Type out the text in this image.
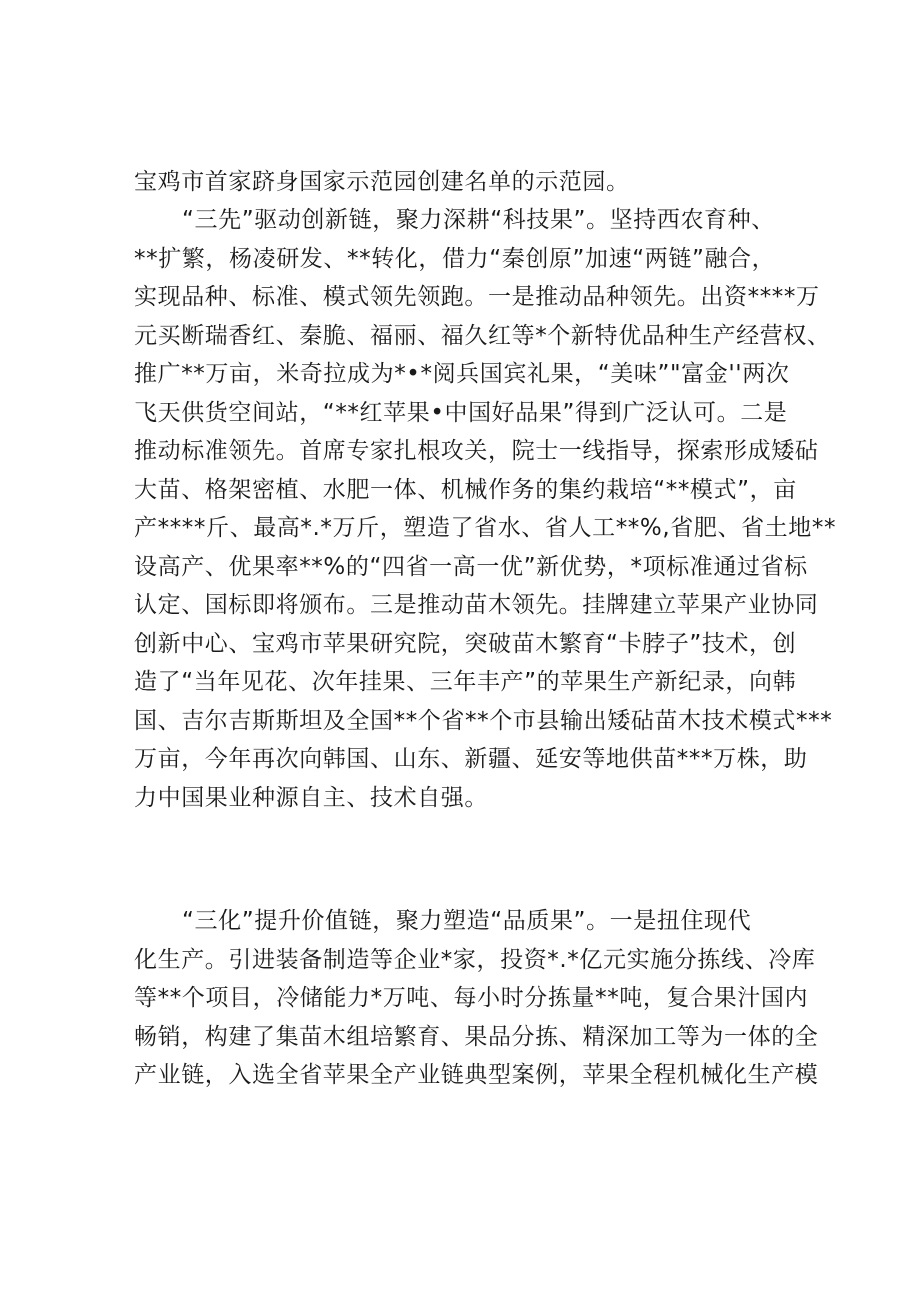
宝鸡市首家跻身国家示范园创建名单的示范园。
“三先”驱动创新链，聚力深耕“科技果”。坚持西农育种、
**扩繁，杨凌研发、**转化，借力“秦创原”加速“两链”融合，
实现品种、标准、模式领先领跑。一是推动品种领先。出资****万
元买断瑞香红、秦脆、福丽、福久红等*个新特优品种生产经营权、
推广**万亩，米奇拉成为*•*阅兵国宾礼果，“美味”"富金''两次
飞天供货空间站，“**红苹果•中国好品果”得到广泛认可。二是
推动标准领先。首席专家扎根攻关，院士一线指导，探索形成矮砧
大苗、格架密植、水肥一体、机械作务的集约栽培“**模式”，亩
产****斤、最高*.*万斤，塑造了省水、省人工**%,省肥、省土地**
设高产、优果率**%的“四省一高一优”新优势，*项标准通过省标
认定、国标即将颁布。三是推动苗木领先。挂牌建立苹果产业协同
创新中心、宝鸡市苹果研究院，突破苗木繁育“卡脖子”技术，创
造了“当年见花、次年挂果、三年丰产”的苹果生产新纪录，向韩
国、吉尔吉斯斯坦及全国**个省**个市县输出矮砧苗木技术模式***
万亩，今年再次向韩国、山东、新疆、延安等地供苗***万株，助
力中国果业种源自主、技术自强。
“三化”提升价值链，聚力塑造“品质果”。一是扭住现代
化生产。引进装备制造等企业*家，投资*.*亿元实施分拣线、冷库
等**个项目，冷储能力*万吨、每小时分拣量**吨，复合果汁国内
畅销，构建了集苗木组培繁育、果品分拣、精深加工等为一体的全
产业链，入选全省苹果全产业链典型案例，苹果全程机械化生产模
